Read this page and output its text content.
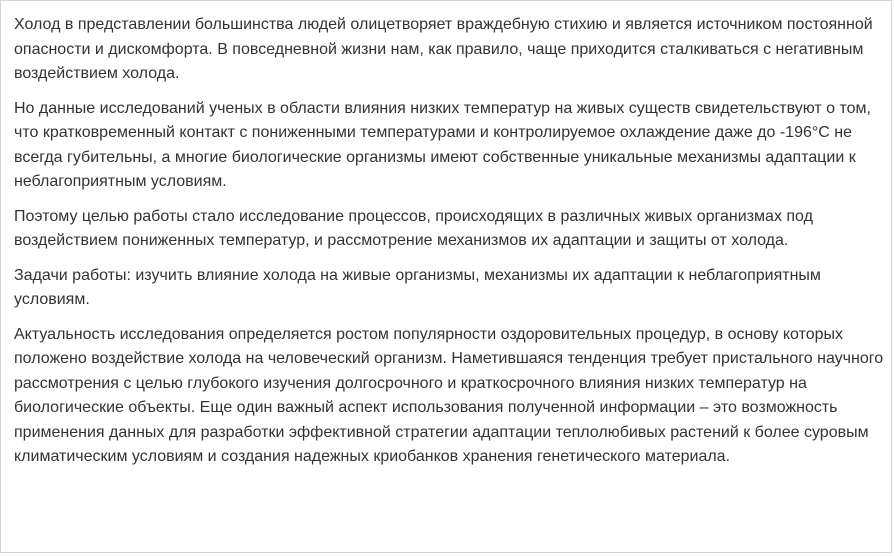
Холод в представлении большинства людей олицетворяет враждебную стихию и является источником постоянной опасности и дискомфорта. В повседневной жизни нам, как правило, чаще приходится сталкиваться с негативным воздействием холода.

Но данные исследований ученых в области влияния низких температур на живых существ свидетельствуют о том, что кратковременный контакт с пониженными температурами и контролируемое охлаждение даже до -196°С не всегда губительны, а многие биологические организмы имеют собственные уникальные механизмы адаптации к неблагоприятным условиям.

Поэтому целью работы стало исследование процессов, происходящих в различных живых организмах под воздействием пониженных температур, и рассмотрение механизмов их адаптации и защиты от холода.

Задачи работы: изучить влияние холода на живые организмы, механизмы их адаптации к неблагоприятным условиям.

Актуальность исследования определяется ростом популярности оздоровительных процедур, в основу которых положено воздействие холода на человеческий организм. Наметившаяся тенденция требует пристального научного рассмотрения с целью глубокого изучения долгосрочного и краткосрочного влияния низких температур на биологические объекты. Еще один важный аспект использования полученной информации – это возможность применения данных для разработки эффективной стратегии адаптации теплолюбивых растений к более суровым климатическим условиям и создания надежных криобанков хранения генетического материала.
